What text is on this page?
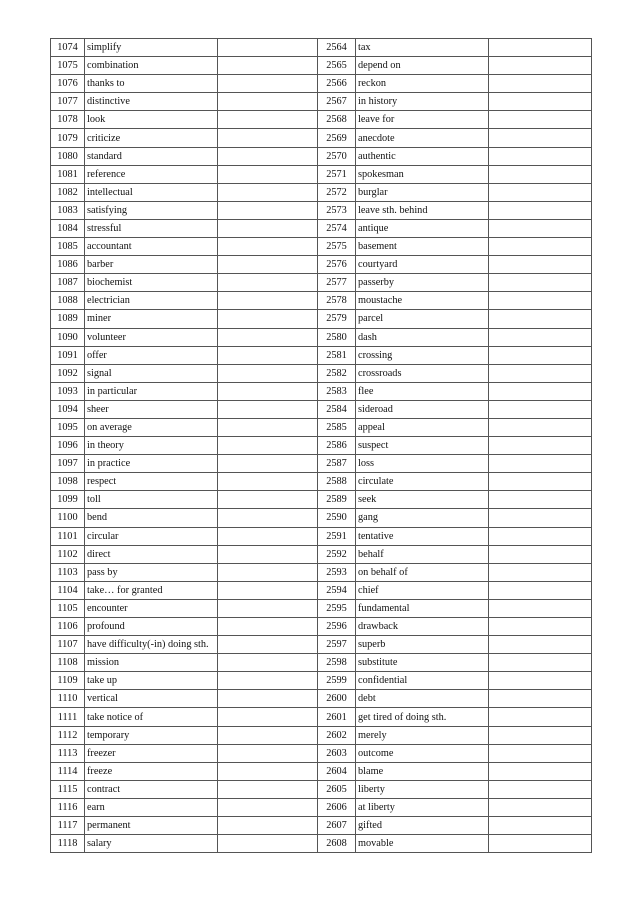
1074	simplify		2564	tax	
1075	combination		2565	depend on	
1076	thanks to		2566	reckon	
1077	distinctive		2567	in history	
1078	look		2568	leave for	
1079	criticize		2569	anecdote	
1080	standard		2570	authentic	
1081	reference		2571	spokesman	
1082	intellectual		2572	burglar	
1083	satisfying		2573	leave sth. behind	
1084	stressful		2574	antique	
1085	accountant		2575	basement	
1086	barber		2576	courtyard	
1087	biochemist		2577	passerby	
1088	electrician		2578	moustache	
1089	miner		2579	parcel	
1090	volunteer		2580	dash	
1091	offer		2581	crossing	
1092	signal		2582	crossroads	
1093	in particular		2583	flee	
1094	sheer		2584	sideroad	
1095	on average		2585	appeal	
1096	in theory		2586	suspect	
1097	in practice		2587	loss	
1098	respect		2588	circulate	
1099	toll		2589	seek	
1100	bend		2590	gang	
1101	circular		2591	tentative	
1102	direct		2592	behalf	
1103	pass by		2593	on behalf of	
1104	take… for granted		2594	chief	
1105	encounter		2595	fundamental	
1106	profound		2596	drawback	
1107	have difficulty(-in) doing sth.		2597	superb	
1108	mission		2598	substitute	
1109	take up		2599	confidential	
1110	vertical		2600	debt	
1111	take notice of		2601	get tired of doing sth.	
1112	temporary		2602	merely	
1113	freezer		2603	outcome	
1114	freeze		2604	blame	
1115	contract		2605	liberty	
1116	earn		2606	at liberty	
1117	permanent		2607	gifted	
1118	salary		2608	movable	
